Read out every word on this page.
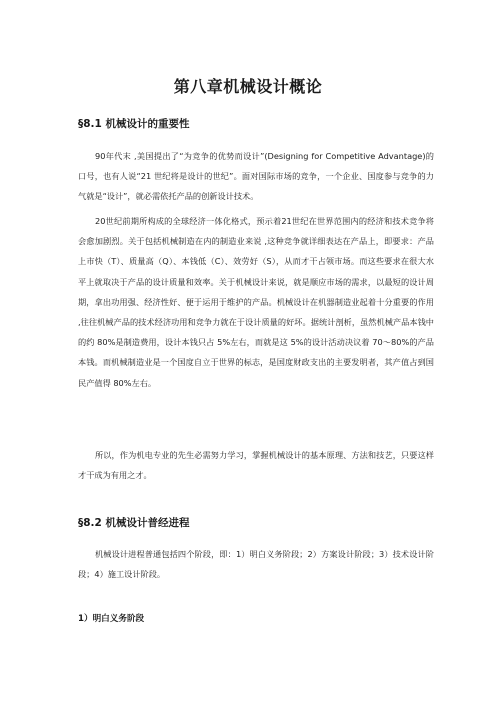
第八章机械设计概论
§8.1 机械设计的重要性

90年代末 ,美国提出了“为竞争的优势而设计”(Designing for Competitive Advantage)的口号，也有人说“21 世纪将是设计的世纪”。面对国际市场的竞争，一个企业、国度参与竞争的力气就是“设计”，就必需依托产品的创新设计技术。

20世纪前期所构成的全球经济一体化格式，预示着21世纪在世界范围内的经济和技术竞争将会愈加剧烈。关于包括机械制造在内的制造业来说 ,这种竞争就详细表达在产品上，即要求：产品上市快（T）、质量高（Q）、本钱低（C）、效劳好（S），从而才干占领市场。而这些要求在很大水平上就取决于产品的设计质量和效率。关于机械设计来说，就是顺应市场的需求，以最短的设计周期，拿出功用强、经济性好、便于运用于维护的产品。机械设计在机器制造业起着十分重要的作用 ,往往机械产品的技术经济功用和竞争力就在于设计质量的好坏。据统计剖析，虽然机械产品本钱中的约 80%是制造费用，设计本钱只占 5%左右，而就是这 5%的设计活动决议着 70～80%的产品本钱。而机械制造业是一个国度自立于世界的标志，是国度财政支出的主要发明者，其产值占到国民产值得 80%左右。

所以，作为机电专业的先生必需努力学习，掌握机械设计的基本原理、方法和技艺，只要这样才干成为有用之才。

§8.2 机械设计普经进程

机械设计进程普通包括四个阶段，即：1）明白义务阶段；2）方案设计阶段；3）技术设计阶段；4）施工设计阶段。

1）明白义务阶段
